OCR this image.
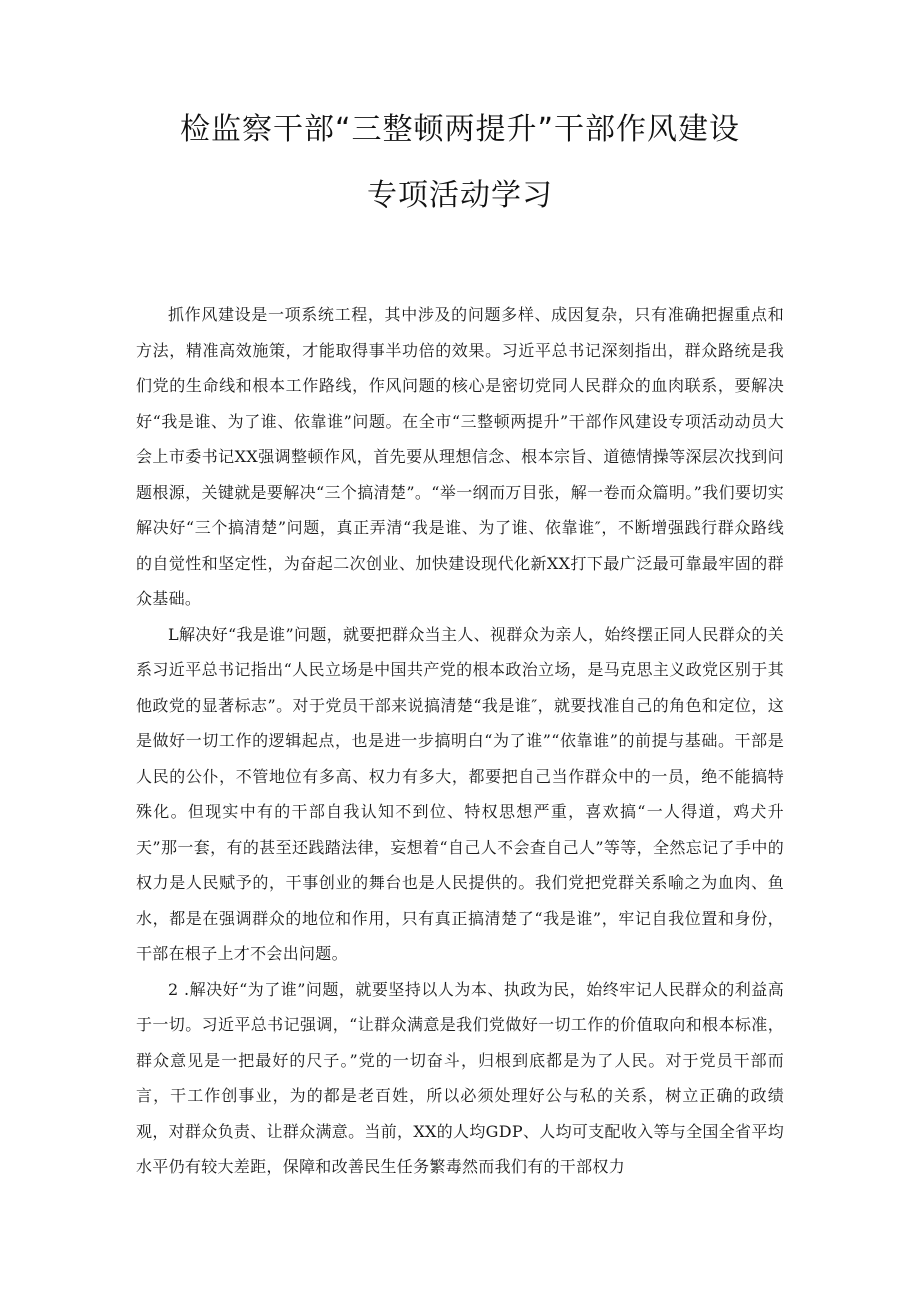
检监察干部“三整顿两提升”干部作风建设
专项活动学习

抓作风建设是一项系统工程，其中涉及的问题多样、成因复杂，只有准确把握重点和方法，精准高效施策，才能取得事半功倍的效果。习近平总书记深刻指出，群众路统是我们党的生命线和根本工作路线，作风问题的核心是密切党同人民群众的血肉联系，要解决好“我是谁、为了谁、依靠谁”问题。在全市“三整顿两提升”干部作风建设专项活动动员大会上市委书记XX强调整顿作风，首先要从理想信念、根本宗旨、道德情操等深层次找到问题根源，关键就是要解决“三个搞清楚”。“举一纲而万目张，解一卷而众篇明。”我们要切实解决好“三个搞清楚”问题，真正弄清“我是谁、为了谁、依靠谁″，不断增强践行群众路线的自觉性和坚定性，为奋起二次创业、加快建设现代化新XX打下最广泛最可靠最牢固的群众基础。

L解决好“我是谁”问题，就要把群众当主人、视群众为亲人，始终摆正同人民群众的关系习近平总书记指出“人民立场是中国共产党的根本政治立场，是马克思主义政党区别于其他政党的显著标志”。对于党员干部来说搞清楚“我是谁″，就要找准自己的角色和定位，这是做好一切工作的逻辑起点，也是进一步搞明白“为了谁”“依靠谁”的前提与基础。干部是人民的公仆，不管地位有多高、权力有多大，都要把自己当作群众中的一员，绝不能搞特殊化。但现实中有的干部自我认知不到位、特权思想严重，喜欢搞“一人得道，鸡犬升天”那一套，有的甚至还践踏法律，妄想着“自己人不会查自己人”等等，全然忘记了手中的权力是人民赋予的，干事创业的舞台也是人民提供的。我们党把党群关系喻之为血肉、鱼水，都是在强调群众的地位和作用，只有真正搞清楚了“我是谁”，牢记自我位置和身份，干部在根子上才不会出问题。

2 .解决好“为了谁”问题，就要坚持以人为本、执政为民，始终牢记人民群众的利益高于一切。习近平总书记强调，“让群众满意是我们党做好一切工作的价值取向和根本标准，群众意见是一把最好的尺子。”党的一切奋斗，归根到底都是为了人民。对于党员干部而言，干工作创事业，为的都是老百姓，所以必须处理好公与私的关系，树立正确的政绩观，对群众负责、让群众满意。当前，XX的人均GDP、人均可支配收入等与全国全省平均水平仍有较大差距，保障和改善民生任务繁毒然而我们有的干部权力
